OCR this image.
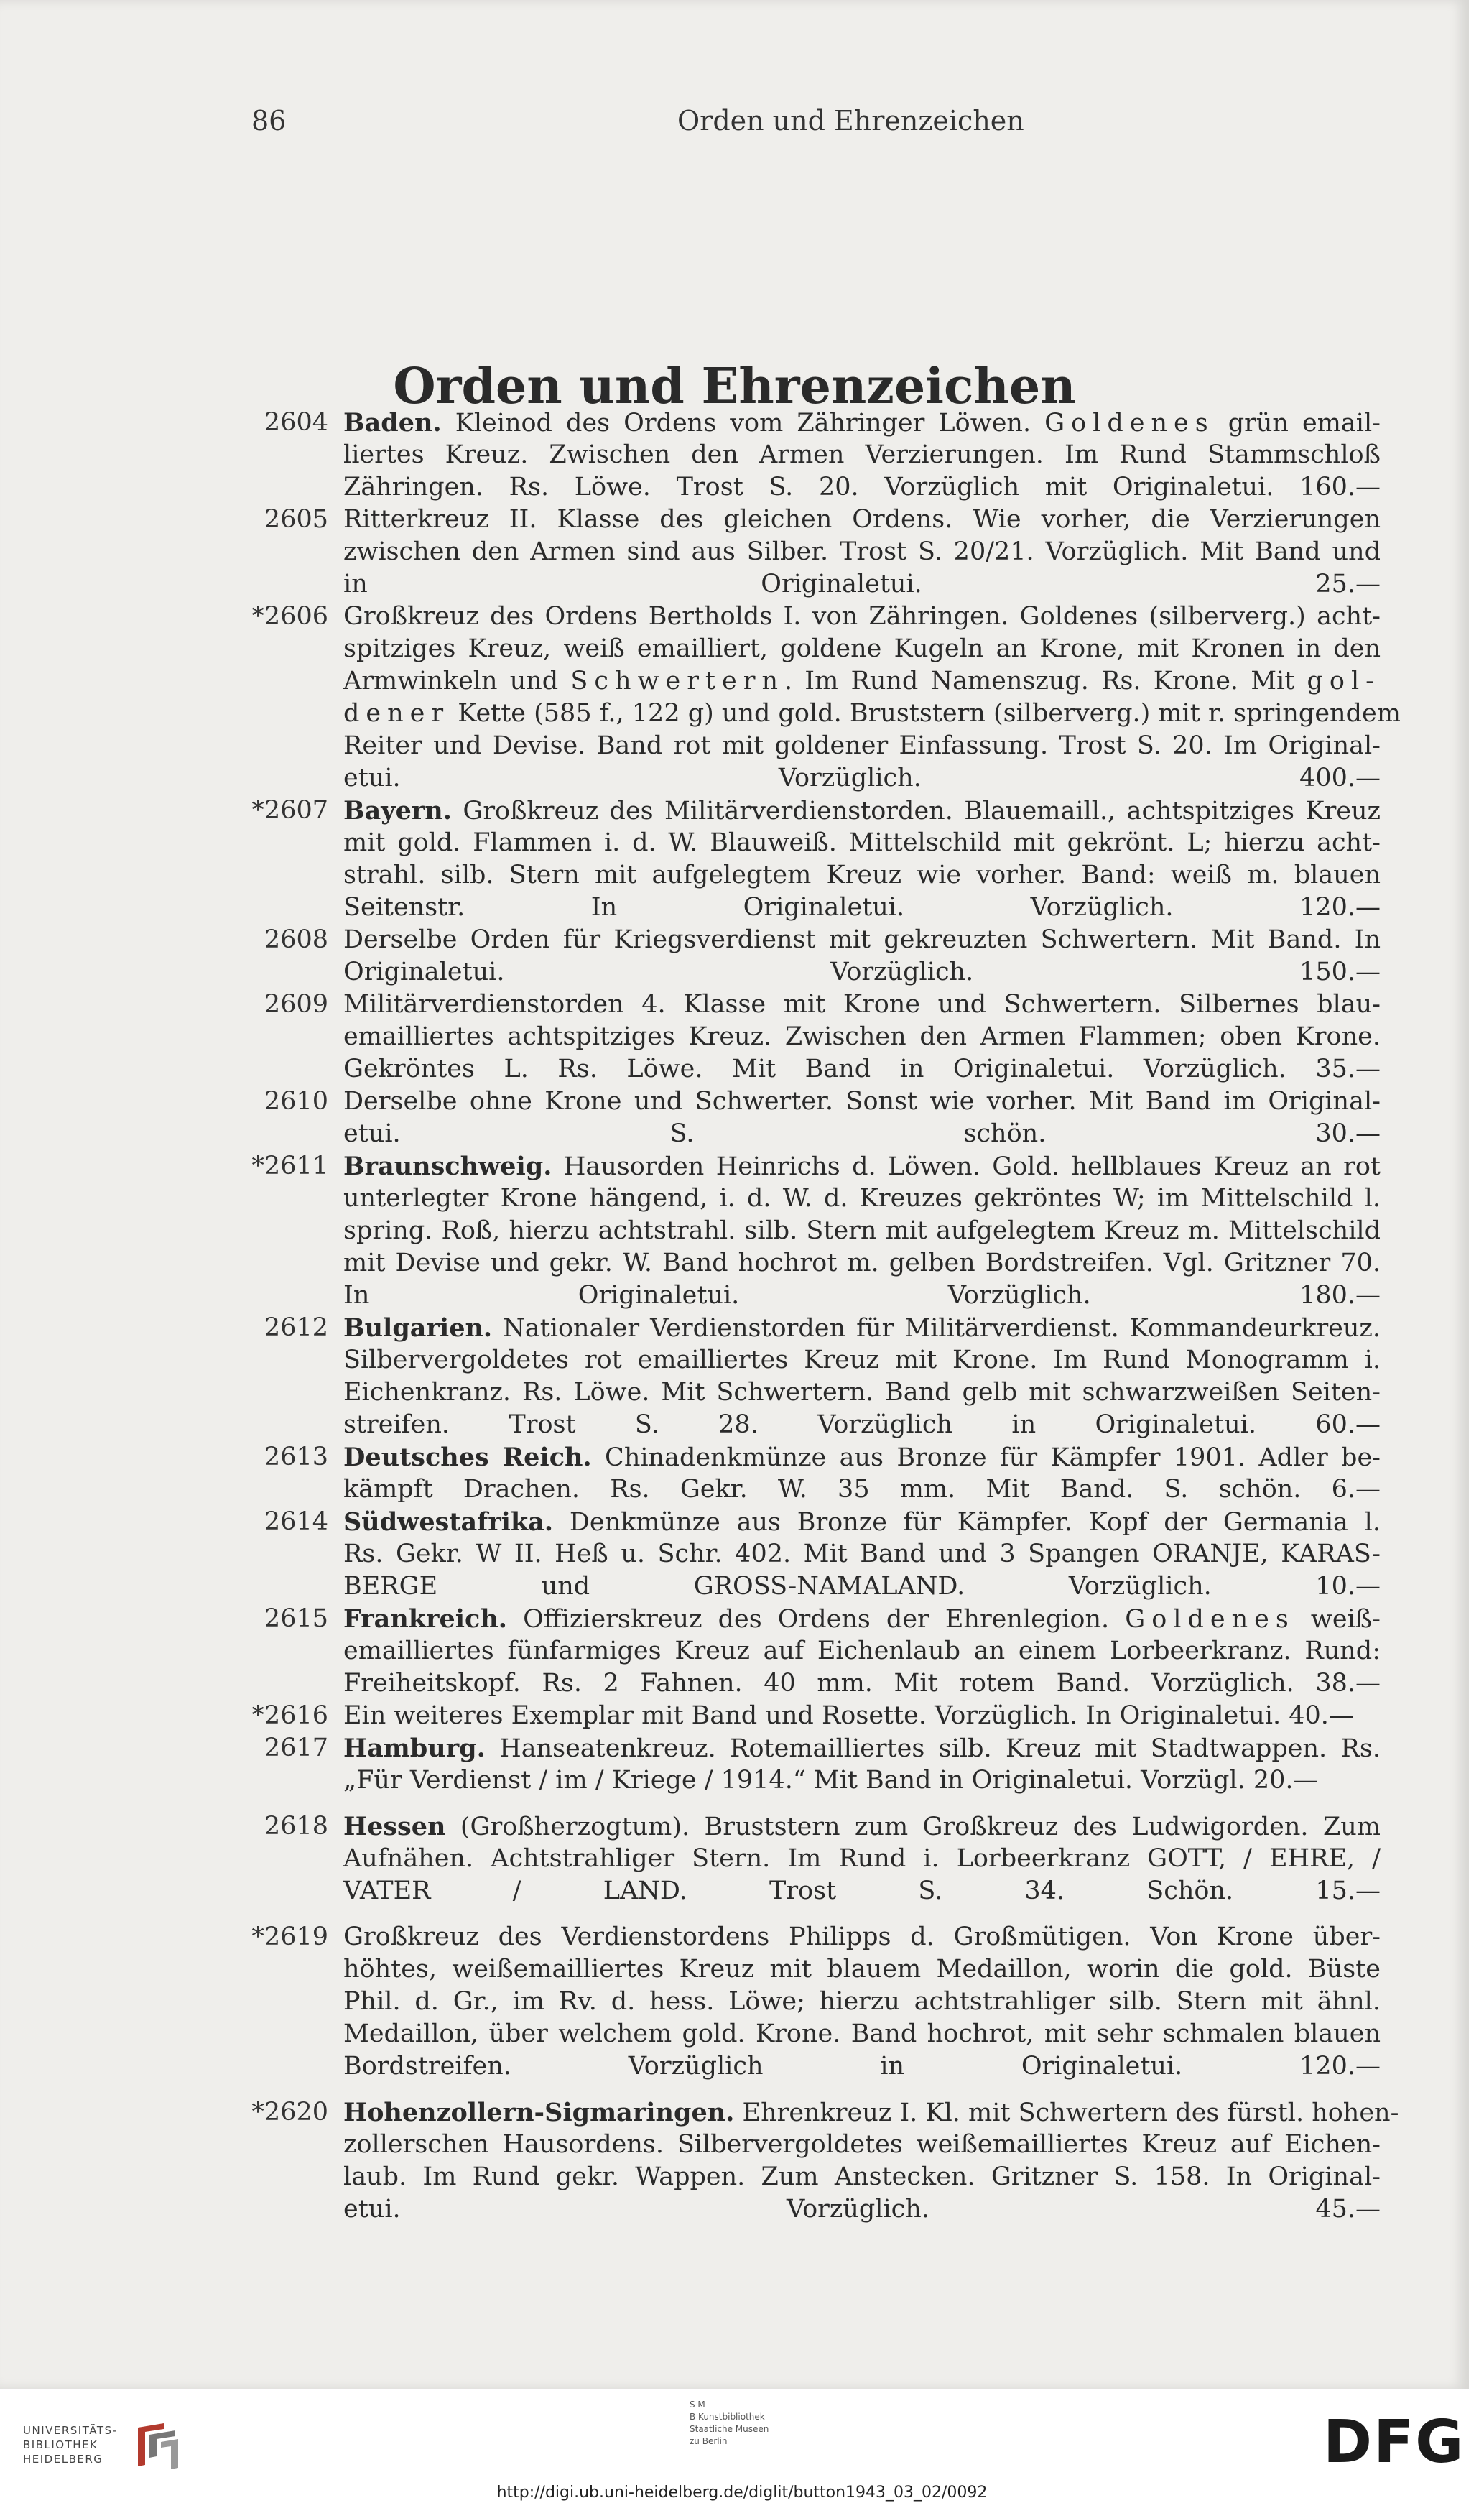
86	Orden und Ehrenzeichen
Orden und Ehrenzeichen
2604 Baden. Kleinod des Ordens vom Zähringer Löwen. Goldenes grün email-
liertes Kreuz. Zwischen den Armen Verzierungen. Im Rund Stammschloß
Zähringen. Rs. Löwe. Trost S. 20. Vorzüglich mit Originaletui. 160.—
2605 Ritterkreuz II. Klasse des gleichen Ordens. Wie vorher, die Verzierungen
zwischen den Armen sind aus Silber. Trost S. 20/21. Vorzüglich. Mit Band und
in Originaletui. 25.—
*2606 Großkreuz des Ordens Bertholds I. von Zähringen. Goldenes (silberverg.) acht-
spitziges Kreuz, weiß emailliert, goldene Kugeln an Krone, mit Kronen in den
Armwinkeln und Schwertern. Im Rund Namenszug. Rs. Krone. Mit gol-
dener Kette (585 f., 122 g) und gold. Bruststern (silberverg.) mit r. springendem
Reiter und Devise. Band rot mit goldener Einfassung. Trost S. 20. Im Original-
etui. Vorzüglich. 400.—
*2607 Bayern. Großkreuz des Militärverdienstorden. Blauemaill., achtspitziges Kreuz
mit gold. Flammen i. d. W. Blauweiß. Mittelschild mit gekrönt. L; hierzu acht-
strahl. silb. Stern mit aufgelegtem Kreuz wie vorher. Band: weiß m. blauen
Seitenstr. In Originaletui. Vorzüglich. 120.—
2608 Derselbe Orden für Kriegsverdienst mit gekreuzten Schwertern. Mit Band. In
Originaletui. Vorzüglich. 150.—
2609 Militärverdienstorden 4. Klasse mit Krone und Schwertern. Silbernes blau-
emailliertes achtspitziges Kreuz. Zwischen den Armen Flammen; oben Krone.
Gekröntes L. Rs. Löwe. Mit Band in Originaletui. Vorzüglich. 35.—
2610 Derselbe ohne Krone und Schwerter. Sonst wie vorher. Mit Band im Original-
etui. S. schön. 30.—
*2611 Braunschweig. Hausorden Heinrichs d. Löwen. Gold. hellblaues Kreuz an rot
unterlegter Krone hängend, i. d. W. d. Kreuzes gekröntes W; im Mittelschild l.
spring. Roß, hierzu achtstrahl. silb. Stern mit aufgelegtem Kreuz m. Mittelschild
mit Devise und gekr. W. Band hochrot m. gelben Bordstreifen. Vgl. Gritzner 70.
In Originaletui. Vorzüglich. 180.—
2612 Bulgarien. Nationaler Verdienstorden für Militärverdienst. Kommandeurkreuz.
Silbervergoldetes rot emailliertes Kreuz mit Krone. Im Rund Monogramm i.
Eichenkranz. Rs. Löwe. Mit Schwertern. Band gelb mit schwarzweißen Seiten-
streifen. Trost S. 28. Vorzüglich in Originaletui. 60.—
2613 Deutsches Reich. Chinadenkmünze aus Bronze für Kämpfer 1901. Adler be-
kämpft Drachen. Rs. Gekr. W. 35 mm. Mit Band. S. schön. 6.—
2614 Südwestafrika. Denkmünze aus Bronze für Kämpfer. Kopf der Germania l.
Rs. Gekr. W II. Heß u. Schr. 402. Mit Band und 3 Spangen ORANJE, KARAS-
BERGE und GROSS-NAMALAND. Vorzüglich. 10.—
2615 Frankreich. Offizierskreuz des Ordens der Ehrenlegion. Goldenes weiß-
emailliertes fünfarmiges Kreuz auf Eichenlaub an einem Lorbeerkranz. Rund:
Freiheitskopf. Rs. 2 Fahnen. 40 mm. Mit rotem Band. Vorzüglich. 38.—
*2616 Ein weiteres Exemplar mit Band und Rosette. Vorzüglich. In Originaletui. 40.—
2617 Hamburg. Hanseatenkreuz. Rotemailliertes silb. Kreuz mit Stadtwappen. Rs.
„Für Verdienst / im / Kriege / 1914.“ Mit Band in Originaletui. Vorzügl. 20.—
2618 Hessen (Großherzogtum). Bruststern zum Großkreuz des Ludwigorden. Zum
Aufnähen. Achtstrahliger Stern. Im Rund i. Lorbeerkranz GOTT, / EHRE, /
VATER / LAND. Trost S. 34. Schön. 15.—
*2619 Großkreuz des Verdienstordens Philipps d. Großmütigen. Von Krone über-
höhtes, weißemailliertes Kreuz mit blauem Medaillon, worin die gold. Büste
Phil. d. Gr., im Rv. d. hess. Löwe; hierzu achtstrahliger silb. Stern mit ähnl.
Medaillon, über welchem gold. Krone. Band hochrot, mit sehr schmalen blauen
Bordstreifen. Vorzüglich in Originaletui. 120.—
*2620 Hohenzollern-Sigmaringen. Ehrenkreuz I. Kl. mit Schwertern des fürstl. hohen-
zollerschen Hausordens. Silbervergoldetes weißemailliertes Kreuz auf Eichen-
laub. Im Rund gekr. Wappen. Zum Anstecken. Gritzner S. 158. In Original-
etui. Vorzüglich. 45.—
UNIVERSITÄTS-
BIBLIOTHEK
HEIDELBERG
S M
B Kunstbibliothek
Staatliche Museen
zu Berlin	DFG
http://digi.ub.uni-heidelberg.de/diglit/button1943_03_02/0092
